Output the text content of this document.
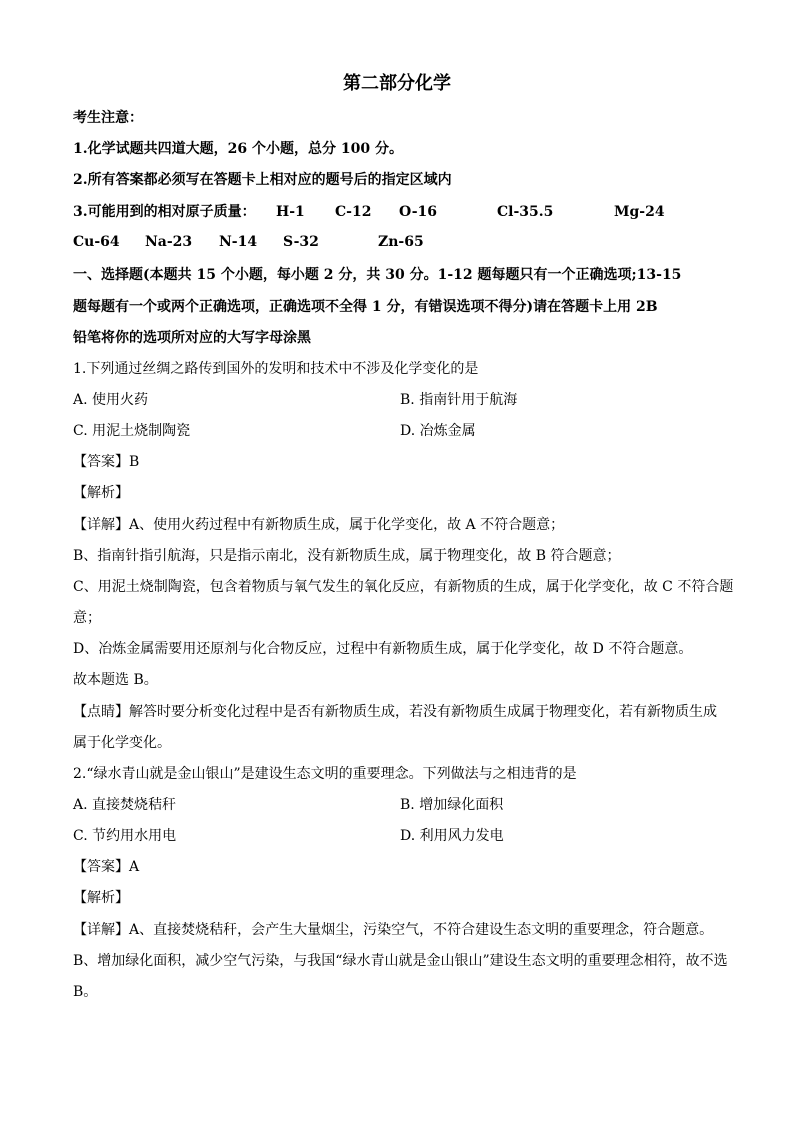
第二部分化学
考生注意：
1.化学试题共四道大题，26 个小题，总分 100 分。
2.所有答案都必须写在答题卡上相对应的题号后的指定区域内
3.可能用到的相对原子质量： H-1 C-12 O-16	Cl-35.5	Mg-24
Cu-64 Na-23 N-14 S-32	Zn-65
一、选择题(本题共 15 个小题，每小题 2 分，共 30 分。1-12 题每题只有一个正确选项;13-15
题每题有一个或两个正确选项，正确选项不全得 1 分，有错误选项不得分)请在答题卡上用 2B
铅笔将你的选项所对应的大写字母涂黑
1.下列通过丝绸之路传到国外的发明和技术中不涉及化学变化的是
A. 使用火药	B. 指南针用于航海
C. 用泥土烧制陶瓷	D. 冶炼金属
【答案】B
【解析】
【详解】A、使用火药过程中有新物质生成，属于化学变化，故 A 不符合题意；
B、指南针指引航海，只是指示南北，没有新物质生成，属于物理变化，故 B 符合题意；
C、用泥土烧制陶瓷，包含着物质与氧气发生的氧化反应，有新物质的生成，属于化学变化，故 C 不符合题
意；
D、冶炼金属需要用还原剂与化合物反应，过程中有新物质生成，属于化学变化，故 D 不符合题意。
故本题选 B。
【点睛】解答时要分析变化过程中是否有新物质生成，若没有新物质生成属于物理变化，若有新物质生成
属于化学变化。
2.“绿水青山就是金山银山”是建设生态文明的重要理念。下列做法与之相违背的是
A. 直接焚烧秸秆	B. 增加绿化面积
C. 节约用水用电	D. 利用风力发电
【答案】A
【解析】
【详解】A、直接焚烧秸秆，会产生大量烟尘，污染空气，不符合建设生态文明的重要理念，符合题意。
B、增加绿化面积，减少空气污染，与我国“绿水青山就是金山银山”建设生态文明的重要理念相符，故不选
B。
